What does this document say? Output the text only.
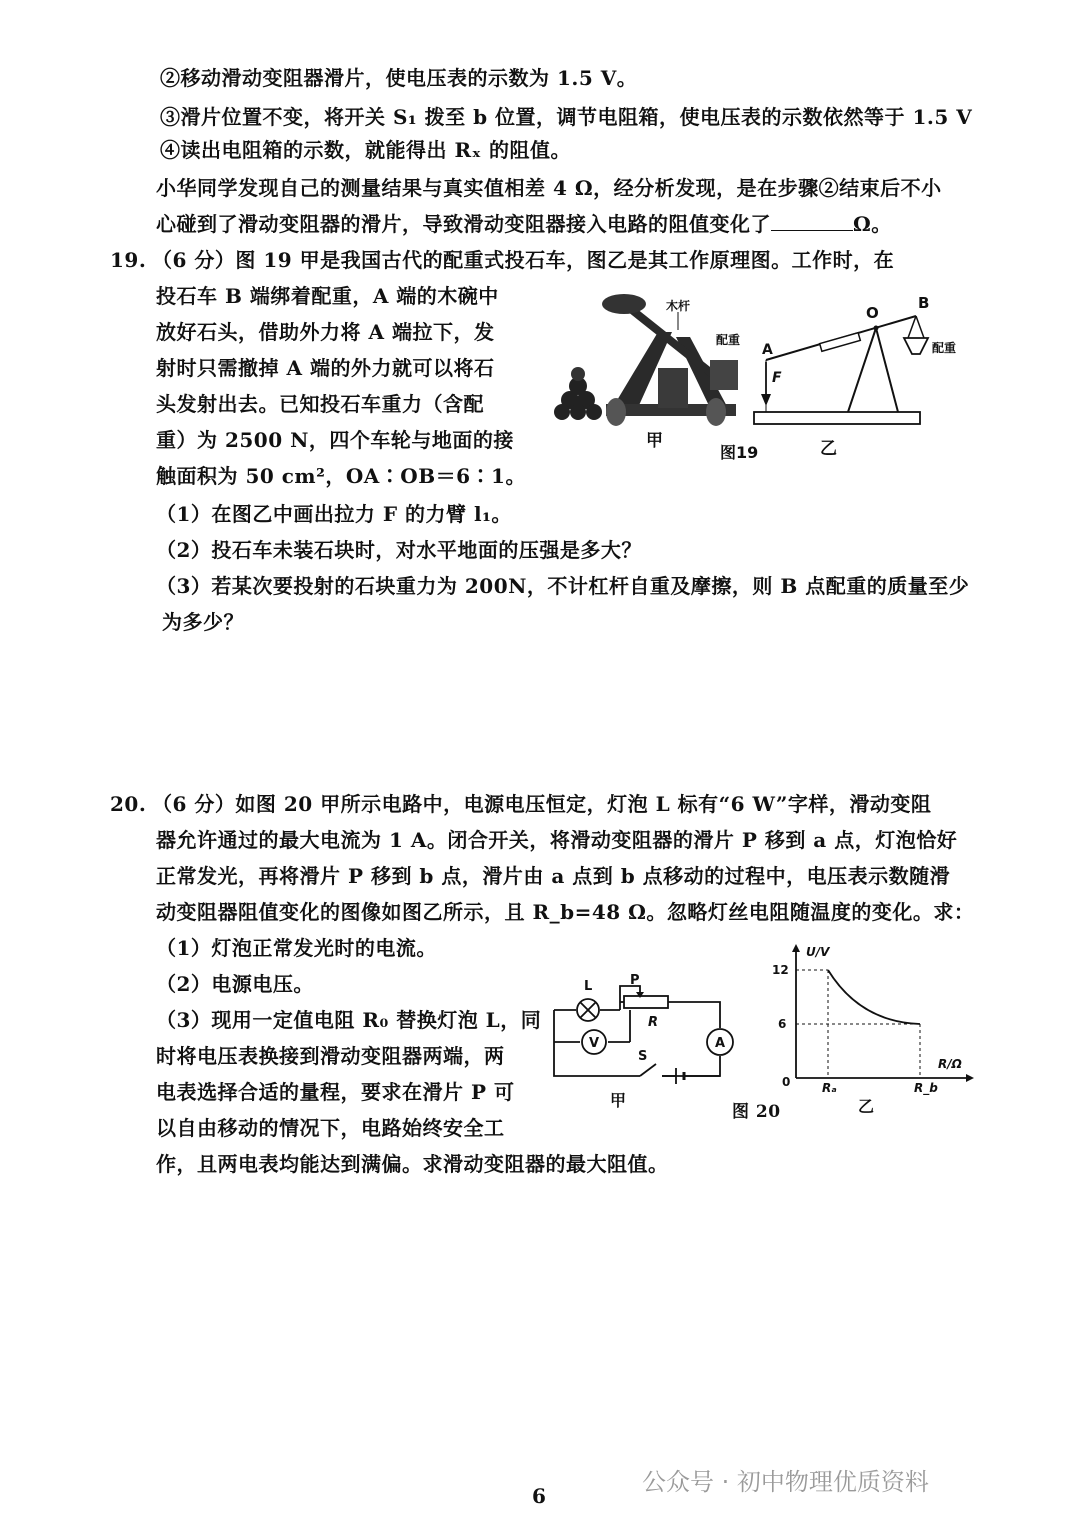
②移动滑动变阻器滑片，使电压表的示数为 1.5 V。
③滑片位置不变，将开关 S₁ 拨至 b 位置，调节电阻箱，使电压表的示数依然等于 1.5 V
④读出电阻箱的示数，就能得出 Rₓ 的阻值。
小华同学发现自己的测量结果与真实值相差 4 Ω，经分析发现，是在步骤②结束后不小
心碰到了滑动变阻器的滑片，导致滑动变阻器接入电路的阻值变化了	Ω。
19. （6 分）图 19 甲是我国古代的配重式投石车，图乙是其工作原理图。工作时，在
投石车 B 端绑着配重，A 端的木碗中
放好石头，借助外力将 A 端拉下，发
射时只需撤掉 A 端的外力就可以将石
头发射出去。已知投石车重力（含配
重）为 2500 N，四个车轮与地面的接
触面积为 50 cm²，OA∶OB＝6∶1。
（1）在图乙中画出拉力 F 的力臂 l₁。
（2）投石车未装石块时，对水平地面的压强是多大？
（3）若某次要投射的石块重力为 200N，不计杠杆自重及摩擦，则 B 点配重的质量至少
为多少？
木杆
配重
甲
A
O
B
F
配重
图19	乙
20. （6 分）如图 20 甲所示电路中，电源电压恒定，灯泡 L 标有“6 W”字样，滑动变阻
器允许通过的最大电流为 1 A。闭合开关，将滑动变阻器的滑片 P 移到 a 点，灯泡恰好
正常发光，再将滑片 P 移到 b 点，滑片由 a 点到 b 点移动的过程中，电压表示数随滑
动变阻器阻值变化的图像如图乙所示，且 R_b=48 Ω。忽略灯丝电阻随温度的变化。求：
（1）灯泡正常发光时的电流。
（2）电源电压。
（3）现用一定值电阻 R₀ 替换灯泡 L，同
时将电压表换接到滑动变阻器两端，两
电表选择合适的量程，要求在滑片 P 可
以自由移动的情况下，电路始终安全工
作，且两电表均能达到满偏。求滑动变阻器的最大阻值。
L	P
R
V	A
S
甲
图 20
U/V
R/Ω
0	Rₐ	R_b
6
12
乙
6	公众号 · 初中物理优质资料
